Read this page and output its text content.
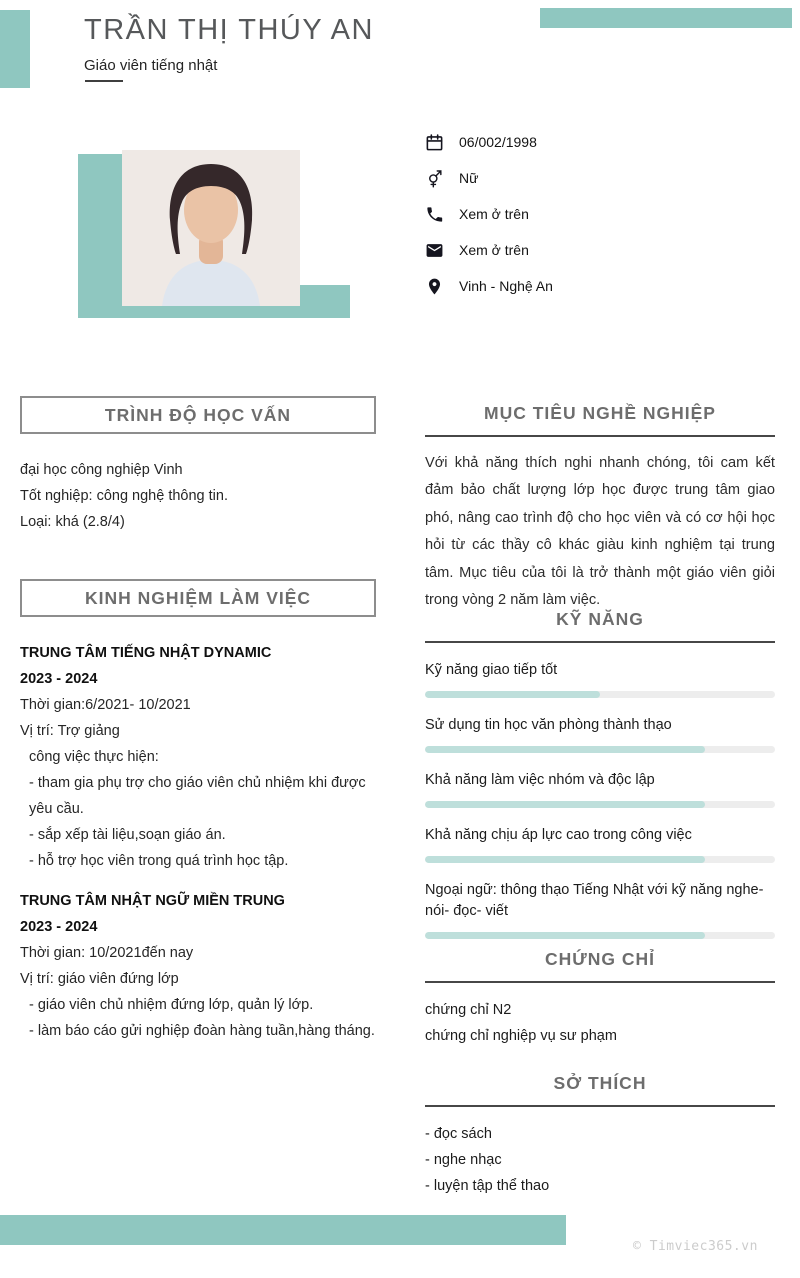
TRẦN THỊ THÚY AN
Giáo viên tiếng nhật
06/002/1998
Nữ
Xem ở trên
Xem ở trên
Vinh - Nghệ An
TRÌNH ĐỘ HỌC VẤN
đại học công nghiệp Vinh
Tốt nghiệp: công nghệ thông tin.
Loại: khá (2.8/4)
KINH NGHIỆM LÀM VIỆC
TRUNG TÂM TIẾNG NHẬT DYNAMIC
2023 - 2024
Thời gian:6/2021- 10/2021
Vị trí: Trợ giảng
công việc thực hiện:
- tham gia phụ trợ cho giáo viên chủ nhiệm khi được yêu cầu.
- sắp xếp tài liệu,soạn giáo án.
- hỗ trợ học viên trong quá trình học tập.
TRUNG TÂM NHẬT NGỮ MIỀN TRUNG
2023 - 2024
Thời gian: 10/2021đến nay
Vị trí: giáo viên đứng lớp
- giáo viên chủ nhiệm đứng lớp, quản lý lớp.
- làm báo cáo gửi nghiệp đoàn hàng tuần,hàng tháng.
MỤC TIÊU NGHỀ NGHIỆP

Với khả năng thích nghi nhanh chóng, tôi cam kết đảm bảo chất lượng lớp học được trung tâm giao phó, nâng cao trình độ cho học viên và có cơ hội học hỏi từ các thầy cô khác giàu kinh nghiệm tại trung tâm. Mục tiêu của tôi là trở thành một giáo viên giỏi trong vòng 2 năm làm việc.

KỸ NĂNG
Kỹ năng giao tiếp tốt
Sử dụng tin học văn phòng thành thạo
Khả năng làm việc nhóm và độc lập
Khả năng chịu áp lực cao trong công việc
Ngoại ngữ: thông thạo Tiếng Nhật với kỹ năng nghe- nói- đọc- viết
CHỨNG CHỈ
chứng chỉ N2
chứng chỉ nghiệp vụ sư phạm
SỞ THÍCH
- đọc sách
- nghe nhạc
- luyện tập thể thao
© Timviec365.vn
